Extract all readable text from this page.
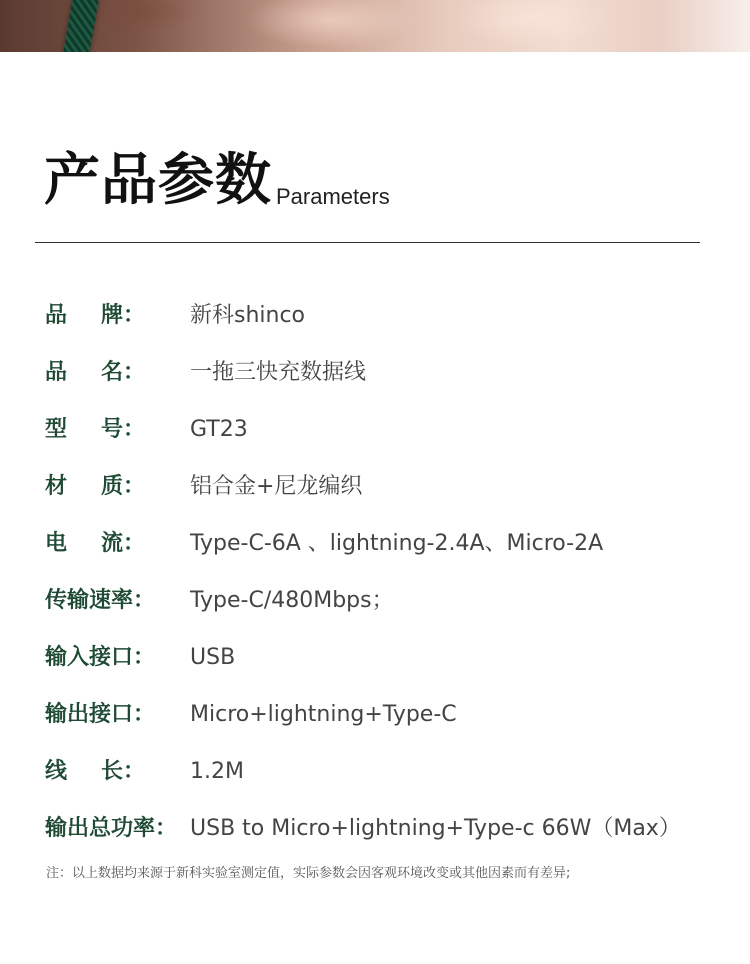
产品参数 Parameters
品 牌： 新科shinco
品 名： 一拖三快充数据线
型 号： GT23
材 质： 铝合金+尼龙编织
电 流： Type-C-6A 、lightning-2.4A、Micro-2A
传输速率： Type-C/480Mbps；
输入接口： USB
输出接口： Micro+lightning+Type-C
线 长： 1.2M
输出总功率： USB to Micro+lightning+Type-c 66W（Max）
注：以上数据均来源于新科实验室测定值，实际参数会因客观环境改变或其他因素而有差异;
